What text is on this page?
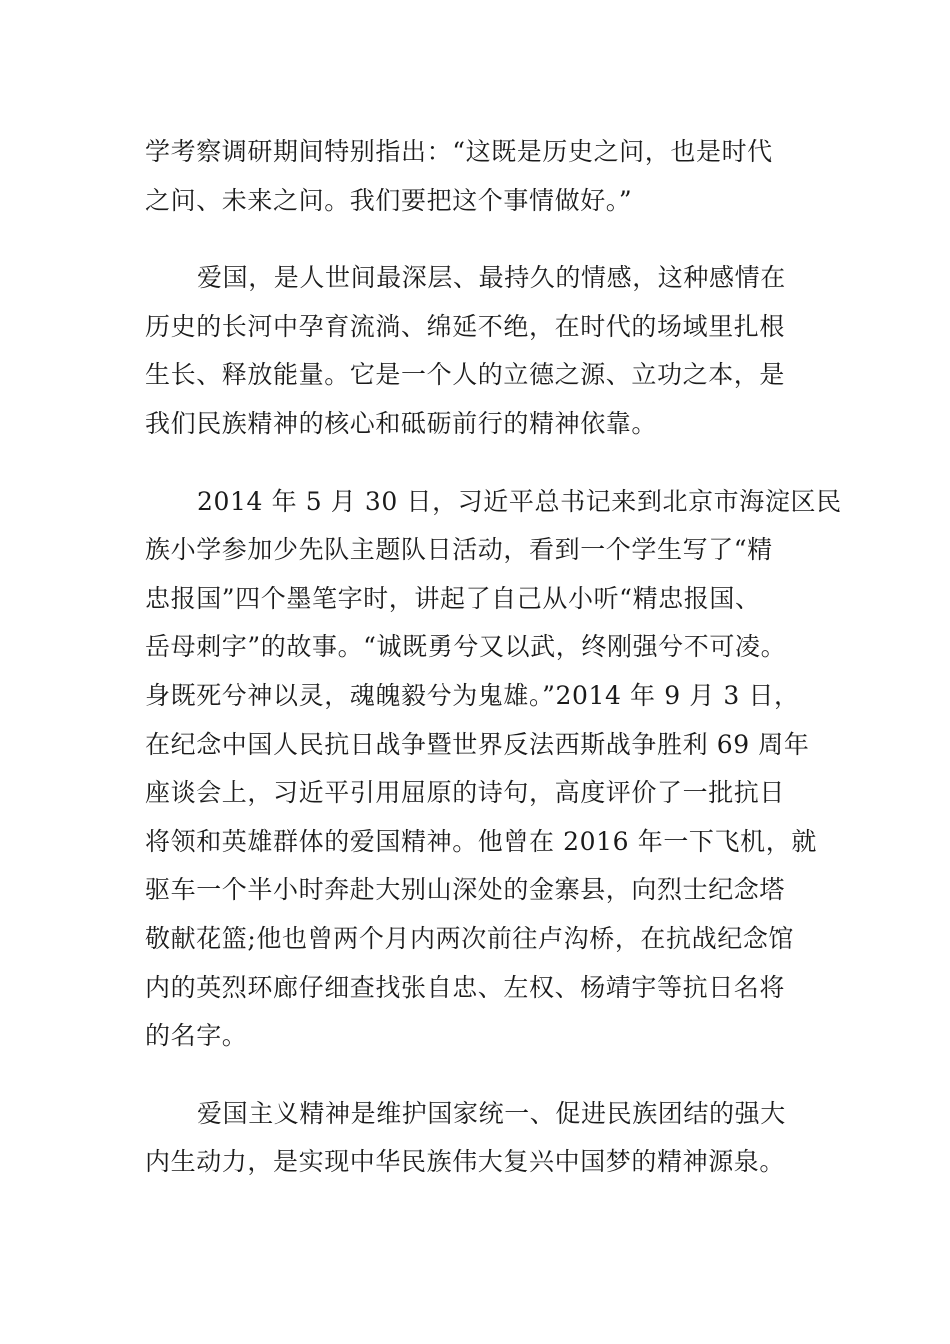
学考察调研期间特别指出：“这既是历史之问，也是时代
之问、未来之问。我们要把这个事情做好。”

爱国，是人世间最深层、最持久的情感，这种感情在
历史的长河中孕育流淌、绵延不绝，在时代的场域里扎根
生长、释放能量。它是一个人的立德之源、立功之本，是
我们民族精神的核心和砥砺前行的精神依靠。

2014 年 5 月 30 日，习近平总书记来到北京市海淀区民
族小学参加少先队主题队日活动，看到一个学生写了“精
忠报国”四个墨笔字时，讲起了自己从小听“精忠报国、
岳母刺字”的故事。“诚既勇兮又以武，终刚强兮不可凌。
身既死兮神以灵，魂魄毅兮为鬼雄。”2014 年 9 月 3 日，
在纪念中国人民抗日战争暨世界反法西斯战争胜利 69 周年
座谈会上，习近平引用屈原的诗句，高度评价了一批抗日
将领和英雄群体的爱国精神。他曾在 2016 年一下飞机，就
驱车一个半小时奔赴大别山深处的金寨县，向烈士纪念塔
敬献花篮;他也曾两个月内两次前往卢沟桥，在抗战纪念馆
内的英烈环廊仔细查找张自忠、左权、杨靖宇等抗日名将
的名字。

爱国主义精神是维护国家统一、促进民族团结的强大
内生动力，是实现中华民族伟大复兴中国梦的精神源泉。
